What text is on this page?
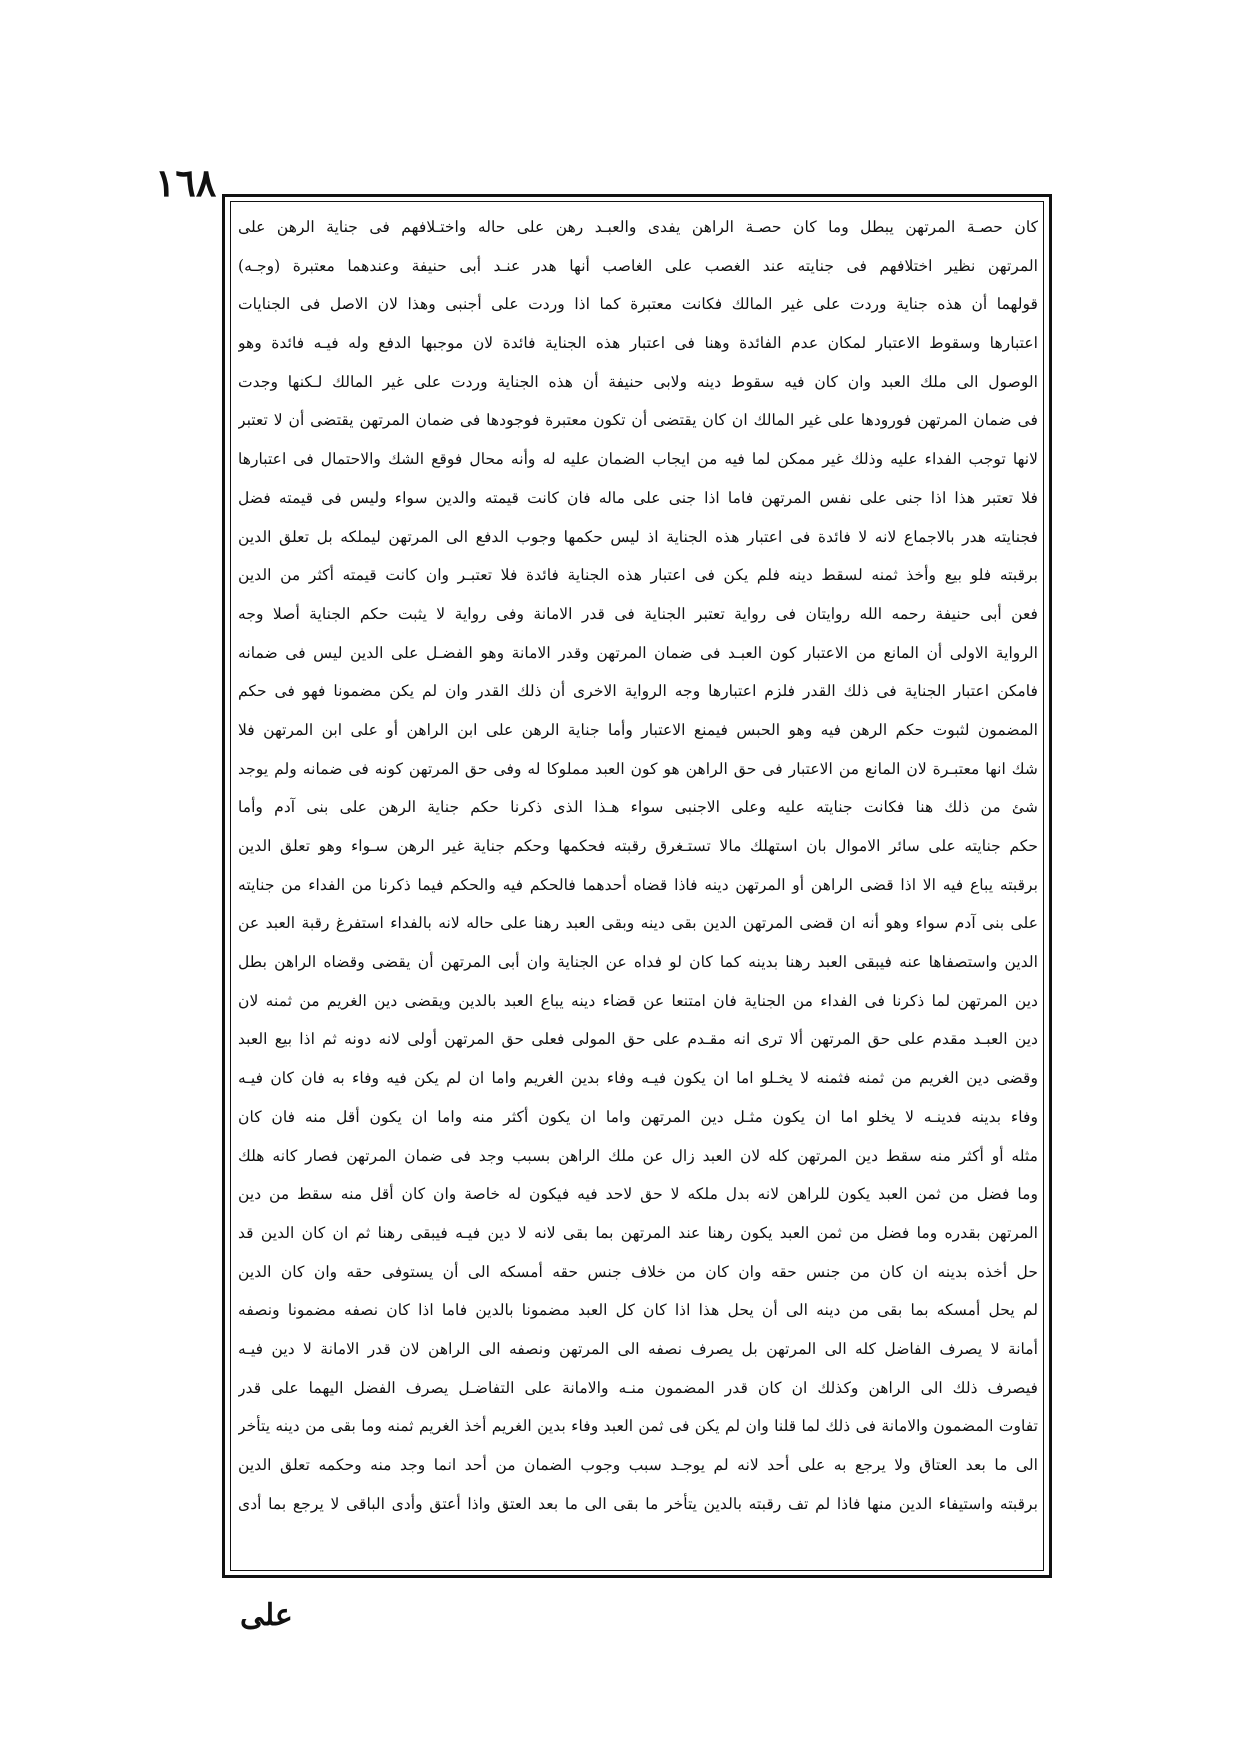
١٦٨
كان حصـة المرتهن يبطل وما كان حصـة الراهن يفدى والعبـد رهن على حاله واختـلافهم فى جناية الرهن على
المرتهن نظير اختلافهم فى جنايته عند الغصب على الغاصب أنها هدر عنـد أبى حنيفة وعندهما معتبرة (وجـه)
قولهما أن هذه جناية وردت على غير المالك فكانت معتبرة كما اذا وردت على أجنبى وهذا لان الاصل فى الجنايات
اعتبارها وسقوط الاعتبار لمكان عدم الفائدة وهنا فى اعتبار هذه الجناية فائدة لان موجبها الدفع وله فيـه فائدة وهو
الوصول الى ملك العبد وان كان فيه سقوط دينه ولابى حنيفة أن هذه الجناية وردت على غير المالك لـكنها وجدت
فى ضمان المرتهن فورودها على غير المالك ان كان يقتضى أن تكون معتبرة فوجودها فى ضمان المرتهن يقتضى أن لا تعتبر
لانها توجب الفداء عليه وذلك غير ممكن لما فيه من ايجاب الضمان عليه له وأنه محال فوقع الشك والاحتمال فى اعتبارها
فلا تعتبر هذا اذا جنى على نفس المرتهن فاما اذا جنى على ماله فان كانت قيمته والدين سواء وليس فى قيمته فضل
فجنايته هدر بالاجماع لانه لا فائدة فى اعتبار هذه الجناية اذ ليس حكمها وجوب الدفع الى المرتهن ليملكه بل تعلق الدين
برقبته فلو بيع وأخذ ثمنه لسقط دينه فلم يكن فى اعتبار هذه الجناية فائدة فلا تعتبـر وان كانت قيمته أكثر من الدين
فعن أبى حنيفة رحمه الله روايتان فى رواية تعتبر الجناية فى قدر الامانة وفى رواية لا يثبت حكم الجناية أصلا وجه
الرواية الاولى أن المانع من الاعتبار كون العبـد فى ضمان المرتهن وقدر الامانة وهو الفضـل على الدين ليس فى ضمانه
فامكن اعتبار الجناية فى ذلك القدر فلزم اعتبارها وجه الرواية الاخرى أن ذلك القدر وان لم يكن مضمونا فهو فى حكم
المضمون لثبوت حكم الرهن فيه وهو الحبس فيمنع الاعتبار وأما جناية الرهن على ابن الراهن أو على ابن المرتهن فلا
شك انها معتبـرة لان المانع من الاعتبار فى حق الراهن هو كون العبد مملوكا له وفى حق المرتهن كونه فى ضمانه ولم يوجد
شئ من ذلك هنا فكانت جنايته عليه وعلى الاجنبى سواء هـذا الذى ذكرنا حكم جناية الرهن على بنى آدم وأما
حكم جنايته على سائر الاموال بان استهلك مالا تستـغرق رقبته فحكمها وحكم جناية غير الرهن سـواء وهو تعلق الدين
برقبته يباع فيه الا اذا قضى الراهن أو المرتهن دينه فاذا قضاه أحدهما فالحكم فيه والحكم فيما ذكرنا من الفداء من جنايته
على بنى آدم سواء وهو أنه ان قضى المرتهن الدين بقى دينه وبقى العبد رهنا على حاله لانه بالفداء استفرغ رقبة العبد عن
الدين واستصفاها عنه فيبقى العبد رهنا بدينه كما كان لو فداه عن الجناية وان أبى المرتهن أن يقضى وقضاه الراهن بطل
دين المرتهن لما ذكرنا فى الفداء من الجناية فان امتنعا عن قضاء دينه يباع العبد بالدين ويقضى دين الغريم من ثمنه لان
دين العبـد مقدم على حق المرتهن ألا ترى انه مقـدم على حق المولى فعلى حق المرتهن أولى لانه دونه ثم اذا بيع العبد
وقضى دين الغريم من ثمنه فثمنه لا يخـلو اما ان يكون فيـه وفاء بدين الغريم واما ان لم يكن فيه وفاء به فان كان فيـه
وفاء بدينه فدينـه لا يخلو اما ان يكون مثـل دين المرتهن واما ان يكون أكثر منه واما ان يكون أقل منه فان كان
مثله أو أكثر منه سقط دين المرتهن كله لان العبد زال عن ملك الراهن بسبب وجد فى ضمان المرتهن فصار كانه هلك
وما فضل من ثمن العبد يكون للراهن لانه بدل ملكه لا حق لاحد فيه فيكون له خاصة وان كان أقل منه سقط من دين
المرتهن بقدره وما فضل من ثمن العبد يكون رهنا عند المرتهن بما بقى لانه لا دين فيـه فيبقى رهنا ثم ان كان الدين قد
حل أخذه بدينه ان كان من جنس حقه وان كان من خلاف جنس حقه أمسكه الى أن يستوفى حقه وان كان الدين
لم يحل أمسكه بما بقى من دينه الى أن يحل هذا اذا كان كل العبد مضمونا بالدين فاما اذا كان نصفه مضمونا ونصفه
أمانة لا يصرف الفاضل كله الى المرتهن بل يصرف نصفه الى المرتهن ونصفه الى الراهن لان قدر الامانة لا دين فيـه
فيصرف ذلك الى الراهن وكذلك ان كان قدر المضمون منـه والامانة على التفاضـل يصرف الفضل اليهما على قدر
تفاوت المضمون والامانة فى ذلك لما قلنا وان لم يكن فى ثمن العبد وفاء بدين الغريم أخذ الغريم ثمنه وما بقى من دينه يتأخر
الى ما بعد العتاق ولا يرجع به على أحد لانه لم يوجـد سبب وجوب الضمان من أحد انما وجد منه وحكمه تعلق الدين
برقبته واستيفاء الدين منها فاذا لم تف رقبته بالدين يتأخر ما بقى الى ما بعد العتق واذا أعتق وأدى الباقى لا يرجع بما أدى
على
